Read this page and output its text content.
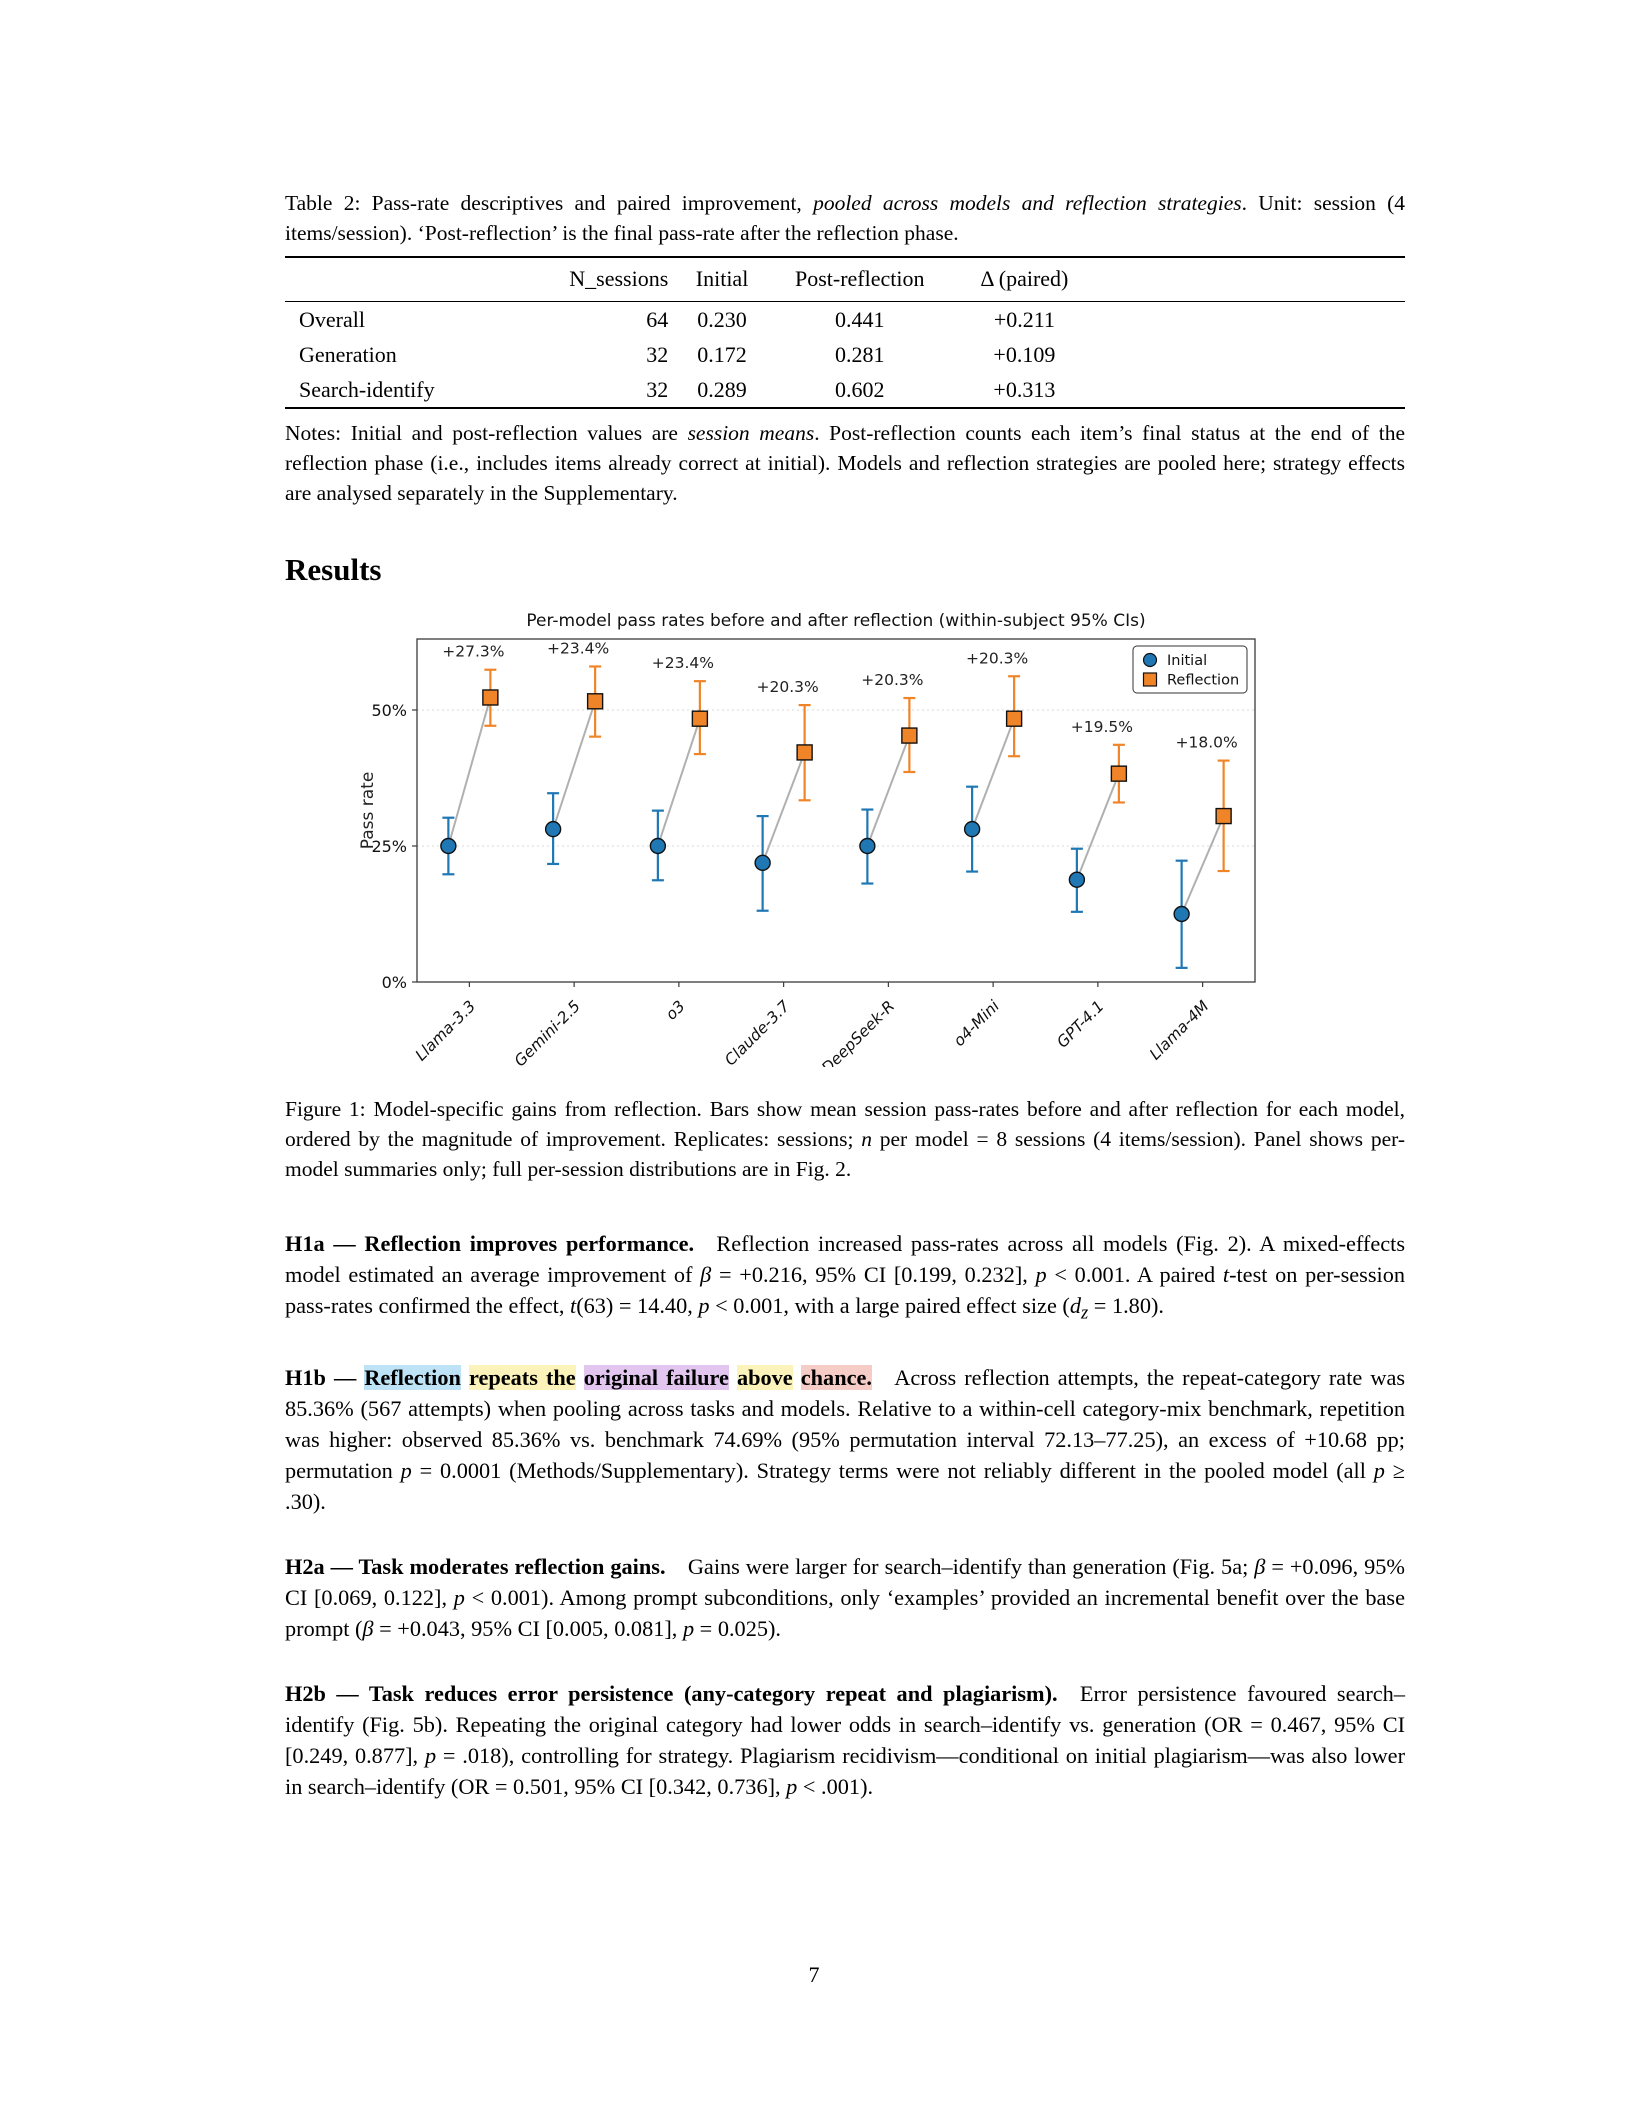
Table 2: Pass-rate descriptives and paired improvement, pooled across models and reflection strategies. Unit: session (4 items/session). ‘Post-reflection’ is the final pass-rate after the reflection phase.

	N_sessions	Initial	Post-reflection	Δ (paired)	
Overall	64	0.230	0.441	+0.211	
Generation	32	0.172	0.281	+0.109	
Search-identify	32	0.289	0.602	+0.313	

Notes: Initial and post-reflection values are session means. Post-reflection counts each item’s final status at the end of the reflection phase (i.e., includes items already correct at initial). Models and reflection strategies are pooled here; strategy effects are analysed separately in the Supplementary.

Results
Per-model pass rates before and after reflection (within-subject 95% CIs)
Pass rate
0%
25%
50%
+27.3%
Llama-3.3
+23.4%
Gemini-2.5
+23.4%
o3
+20.3%
Claude-3.7
+20.3%
DeepSeek-R
+20.3%
o4-Mini
+19.5%
GPT-4.1
+18.0%
Llama-4M
Initial
Reflection

Figure 1: Model-specific gains from reflection. Bars show mean session pass-rates before and after reflection for each model, ordered by the magnitude of improvement. Replicates: sessions; n per model = 8 sessions (4 items/session). Panel shows per-model summaries only; full per-session distributions are in Fig. 2.

H1a — Reflection improves performance. Reflection increased pass-rates across all models (Fig. 2). A mixed-effects model estimated an average improvement of β = +0.216, 95% CI [0.199, 0.232], p < 0.001. A paired t-test on per-session pass-rates confirmed the effect, t(63) = 14.40, p < 0.001, with a large paired effect size $(d_z = 1.80)$.

H1b — Reflection repeats the original failure above chance. Across reflection attempts, the repeat-category rate was 85.36% (567 attempts) when pooling across tasks and models. Relative to a within-cell category-mix benchmark, repetition was higher: observed 85.36% vs. benchmark 74.69% (95% permutation interval 72.13–77.25), an excess of +10.68 pp; permutation p = 0.0001 (Methods/Supplementary). Strategy terms were not reliably different in the pooled model (all p ≥ .30).

H2a — Task moderates reflection gains. Gains were larger for search–identify than generation (Fig. 5a; β = +0.096, 95% CI [0.069, 0.122], p < 0.001). Among prompt subconditions, only ‘examples’ provided an incremental benefit over the base prompt (β = +0.043, 95% CI [0.005, 0.081], p = 0.025).

H2b — Task reduces error persistence (any-category repeat and plagiarism). Error persistence favoured search–identify (Fig. 5b). Repeating the original category had lower odds in search–identify vs. generation (OR = 0.467, 95% CI [0.249, 0.877], p = .018), controlling for strategy. Plagiarism recidivism—conditional on initial plagiarism—was also lower in search–identify (OR = 0.501, 95% CI [0.342, 0.736], p < .001).

7
